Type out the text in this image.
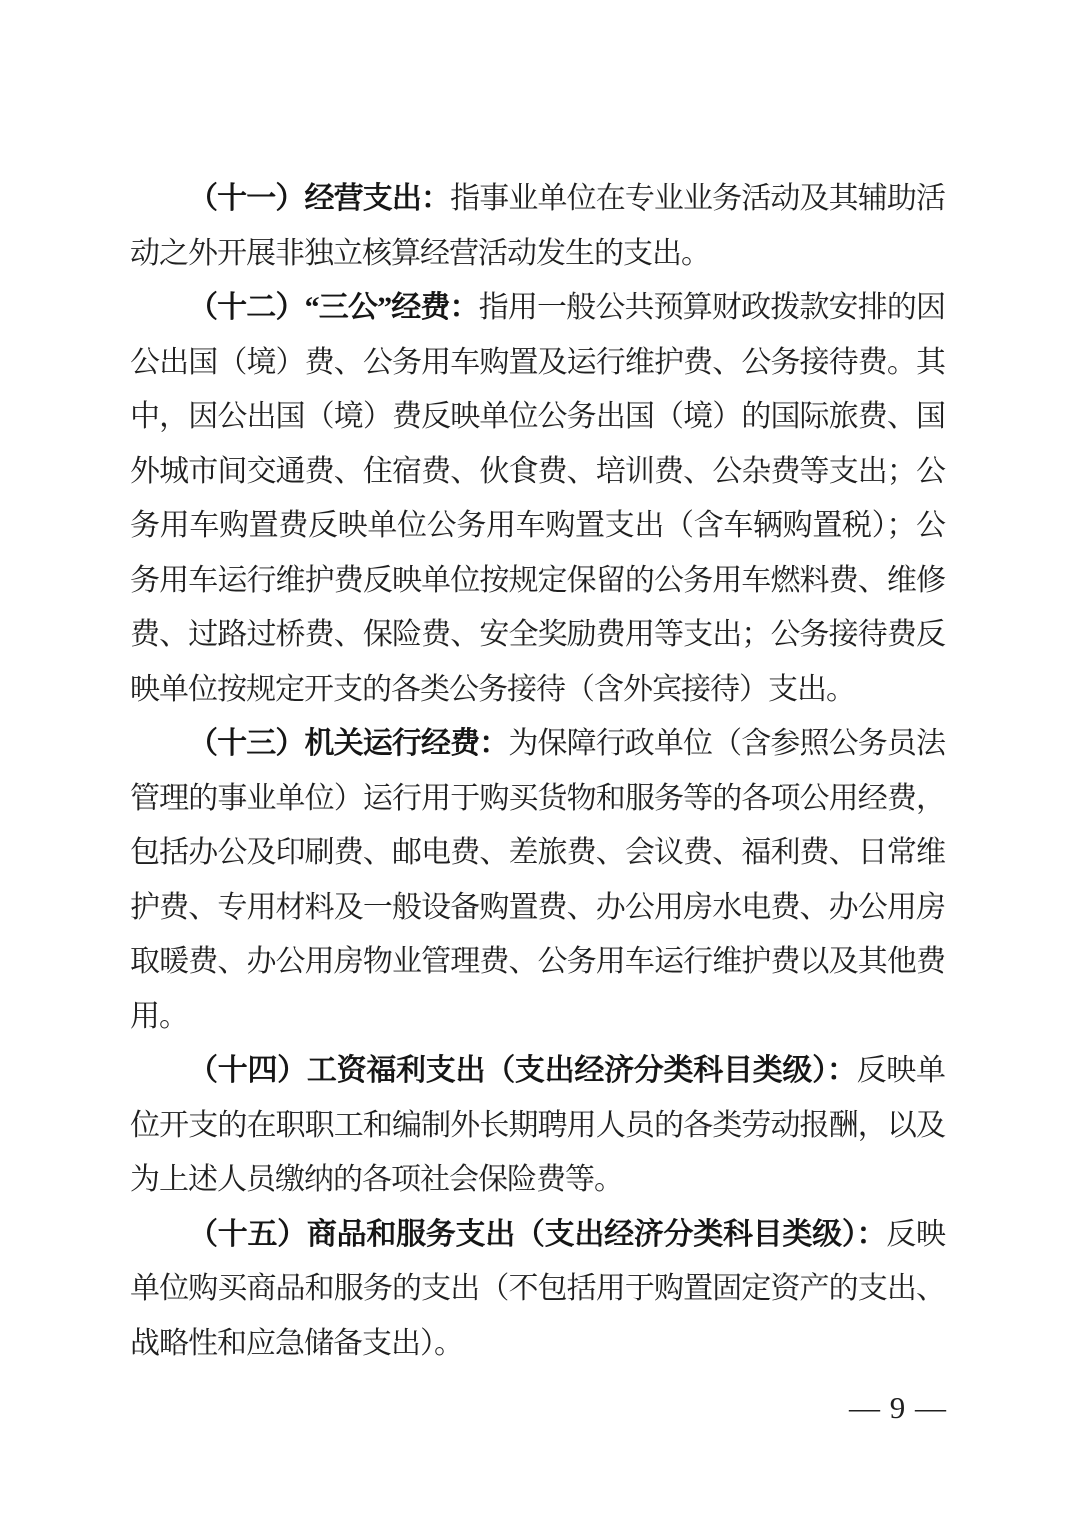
（十一）经营支出：指事业单位在专业业务活动及其辅助活动之外开展非独立核算经营活动发生的支出。

（十二）“三公”经费：指用一般公共预算财政拨款安排的因公出国（境）费、公务用车购置及运行维护费、公务接待费。其中，因公出国（境）费反映单位公务出国（境）的国际旅费、国外城市间交通费、住宿费、伙食费、培训费、公杂费等支出；公务用车购置费反映单位公务用车购置支出（含车辆购置税）；公务用车运行维护费反映单位按规定保留的公务用车燃料费、维修费、过路过桥费、保险费、安全奖励费用等支出；公务接待费反映单位按规定开支的各类公务接待（含外宾接待）支出。

（十三）机关运行经费：为保障行政单位（含参照公务员法管理的事业单位）运行用于购买货物和服务等的各项公用经费，包括办公及印刷费、邮电费、差旅费、会议费、福利费、日常维护费、专用材料及一般设备购置费、办公用房水电费、办公用房取暖费、办公用房物业管理费、公务用车运行维护费以及其他费用。

（十四）工资福利支出（支出经济分类科目类级）：反映单位开支的在职职工和编制外长期聘用人员的各类劳动报酬，以及为上述人员缴纳的各项社会保险费等。

（十五）商品和服务支出（支出经济分类科目类级）：反映单位购买商品和服务的支出（不包括用于购置固定资产的支出、战略性和应急储备支出）。

— 9 —
